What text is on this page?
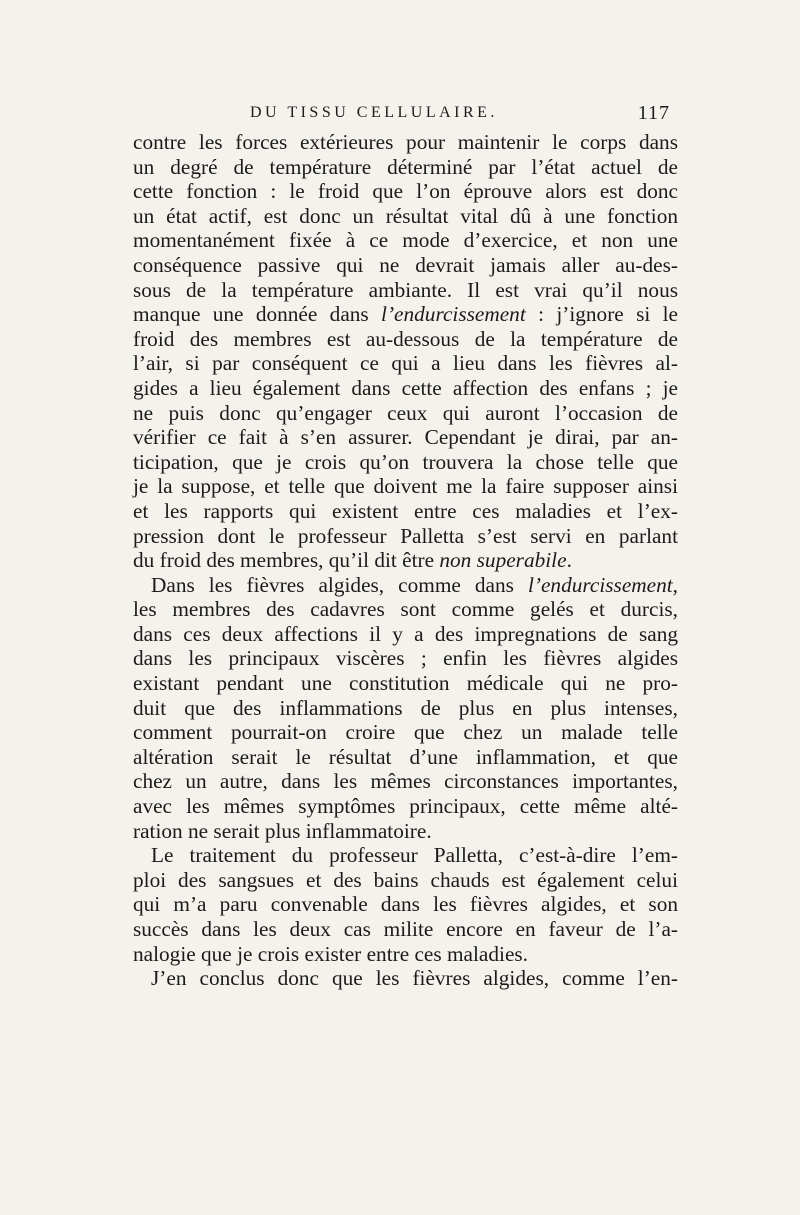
DU TISSU CELLULAIRE.	117
contre les forces extérieures pour maintenir le corps dans
un degré de température déterminé par l’état actuel de
cette fonction : le froid que l’on éprouve alors est donc
un état actif, est donc un résultat vital dû à une fonction
momentanément fixée à ce mode d’exercice, et non une
conséquence passive qui ne devrait jamais aller au-des-
sous de la température ambiante. Il est vrai qu’il nous
manque une donnée dans l’endurcissement : j’ignore si le
froid des membres est au-dessous de la température de
l’air, si par conséquent ce qui a lieu dans les fièvres al-
gides a lieu également dans cette affection des enfans ; je
ne puis donc qu’engager ceux qui auront l’occasion de
vérifier ce fait à s’en assurer. Cependant je dirai, par an-
ticipation, que je crois qu’on trouvera la chose telle que
je la suppose, et telle que doivent me la faire supposer ainsi
et les rapports qui existent entre ces maladies et l’ex-
pression dont le professeur Palletta s’est servi en parlant
du froid des membres, qu’il dit être non superabile.
Dans les fièvres algides, comme dans l’endurcissement,
les membres des cadavres sont comme gelés et durcis,
dans ces deux affections il y a des impregnations de sang
dans les principaux viscères ; enfin les fièvres algides
existant pendant une constitution médicale qui ne pro-
duit que des inflammations de plus en plus intenses,
comment pourrait-on croire que chez un malade telle
altération serait le résultat d’une inflammation, et que
chez un autre, dans les mêmes circonstances importantes,
avec les mêmes symptômes principaux, cette même alté-
ration ne serait plus inflammatoire.
Le traitement du professeur Palletta, c’est-à-dire l’em-
ploi des sangsues et des bains chauds est également celui
qui m’a paru convenable dans les fièvres algides, et son
succès dans les deux cas milite encore en faveur de l’a-
nalogie que je crois exister entre ces maladies.
J’en conclus donc que les fièvres algides, comme l’en-
